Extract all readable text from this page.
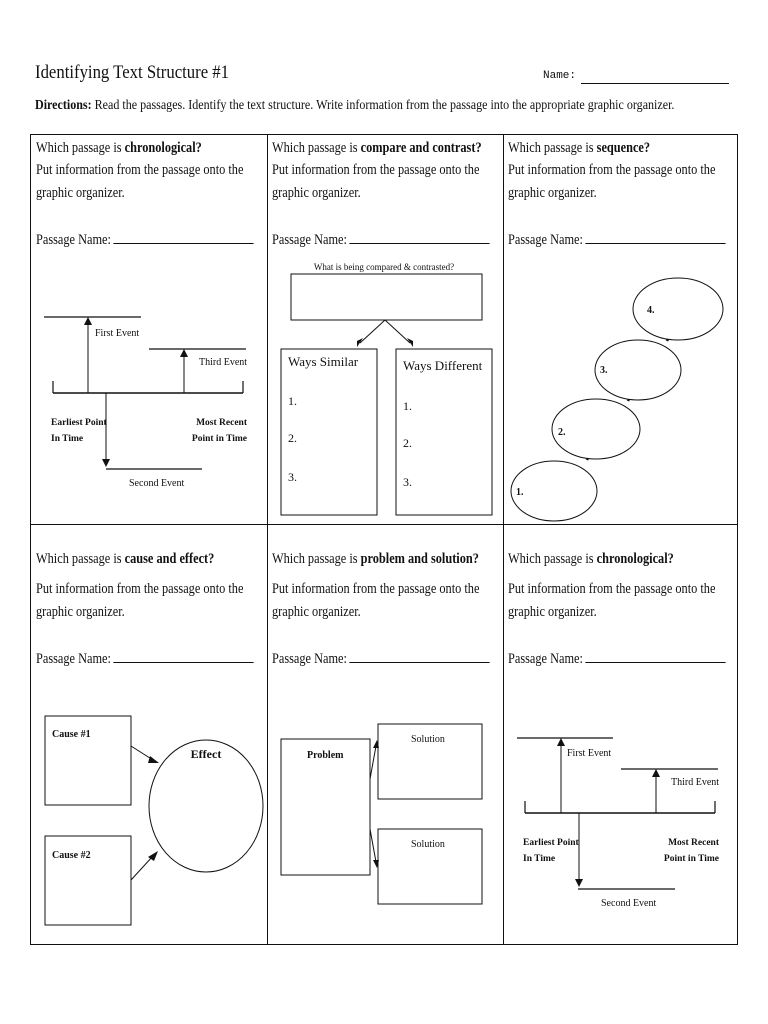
Identifying Text Structure #1	Name:
Directions: Read the passages. Identify the text structure. Write information from the passage into the appropriate graphic organizer.
Which passage is chronological?
Put information from the passage onto the graphic organizer.
Passage Name:
First Event
Third Event
Second Event
Earliest Point
In Time
Most Recent
Point in Time
Which passage is compare and contrast?
Put information from the passage onto the graphic organizer.
Passage Name:
What is being compared & contrasted?
Ways Similar	Ways Different
1.
2.
3.
1.
2.
3.
Which passage is sequence?
Put information from the passage onto the graphic organizer.
Passage Name:
1.
2.
3.
4.
Which passage is cause and effect?
Put information from the passage onto the graphic organizer.
Passage Name:
Cause #1
Cause #2
Effect
Which passage is problem and solution?
Put information from the passage onto the graphic organizer.
Passage Name:
Problem
Solution
Solution
Which passage is chronological?
Put information from the passage onto the graphic organizer.
Passage Name:
First Event
Third Event
Second Event
Earliest Point
In Time
Most Recent
Point in Time
